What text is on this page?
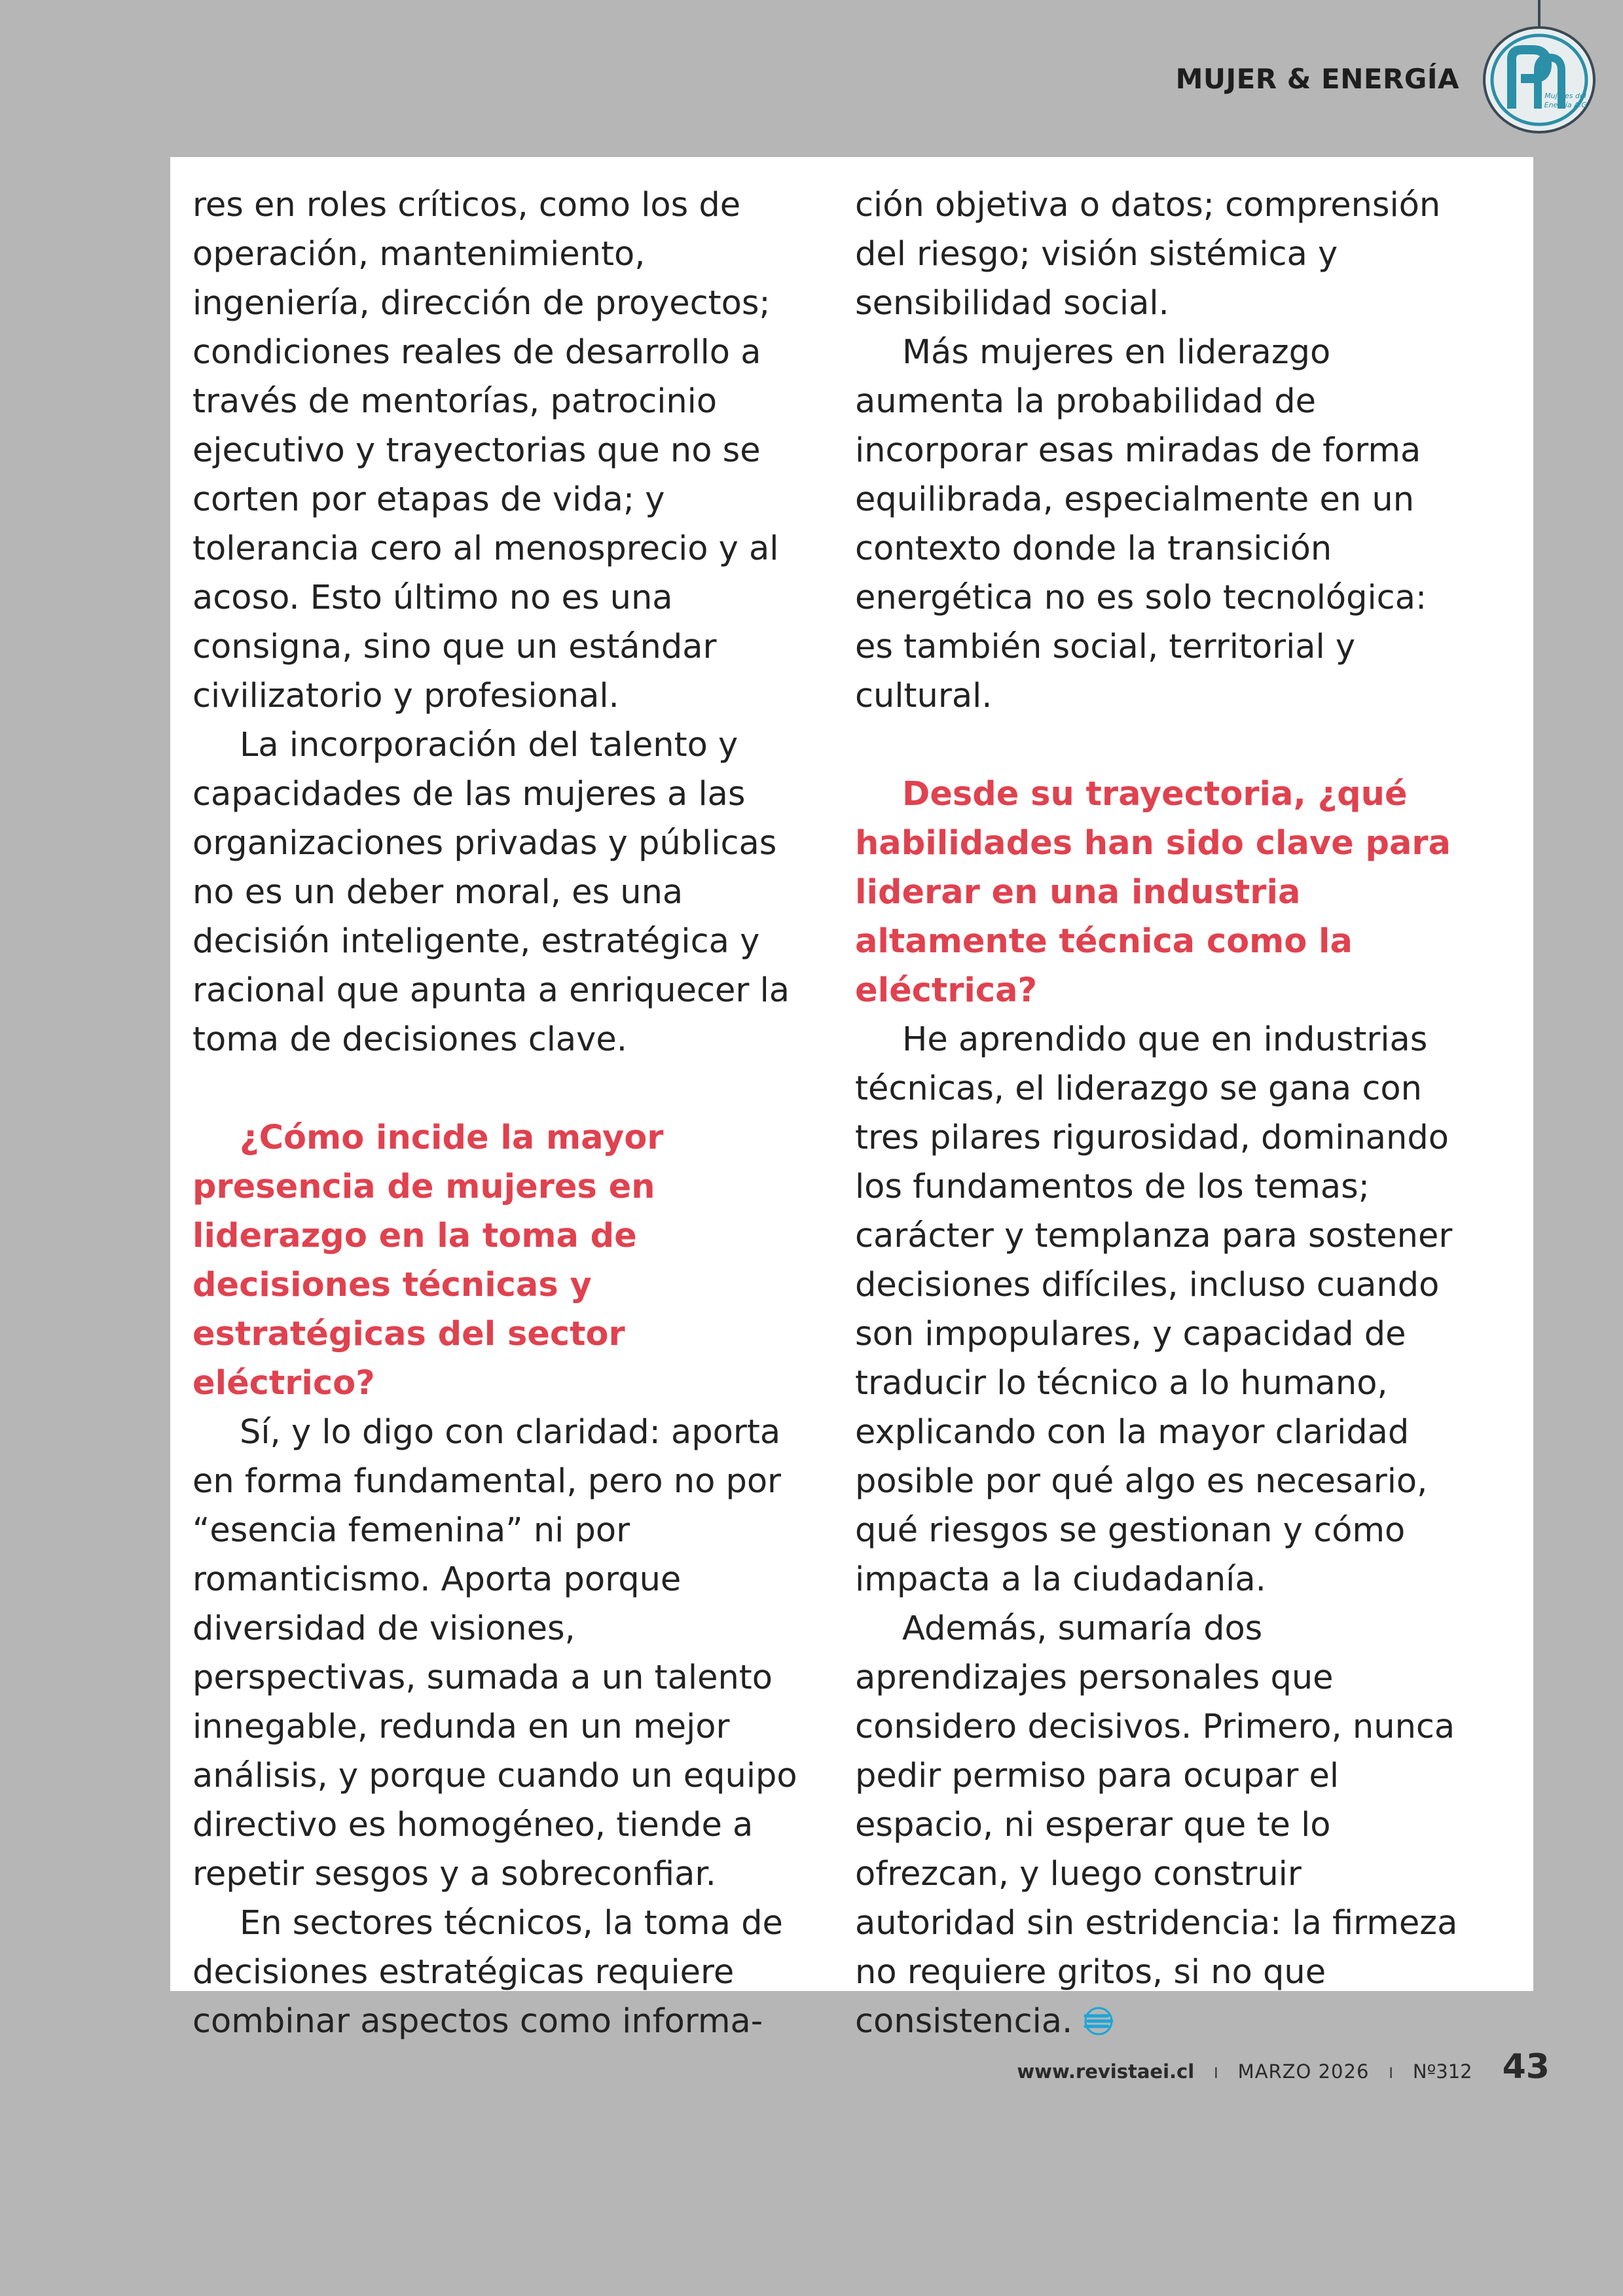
MUJER & ENERGÍA
Mujeres del
Energía A.G.

res en roles críticos, como los de operación, mantenimiento, ingeniería, dirección de proyectos; condiciones reales de desarrollo a través de mentorías, patrocinio ejecutivo y trayectorias que no se corten por etapas de vida; y tolerancia cero al menosprecio y al acoso. Esto último no es una consigna, sino que un estándar civilizatorio y profesional.

La incorporación del talento y capacidades de las mujeres a las organizaciones privadas y públicas no es un deber moral, es una decisión inteligente, estratégica y racional que apunta a enriquecer la toma de decisiones clave.

¿Cómo incide la mayor presencia de mujeres en liderazgo en la toma de decisiones técnicas y estratégicas del sector eléctrico?

Sí, y lo digo con claridad: aporta en forma fundamental, pero no por “esencia femenina” ni por romanticismo. Aporta porque diversidad de visiones, perspectivas, sumada a un talento innegable, redunda en un mejor análisis, y porque cuando un equipo directivo es homogéneo, tiende a repetir sesgos y a sobreconfiar.

En sectores técnicos, la toma de decisiones estratégicas requiere combinar aspectos como informa-

ción objetiva o datos; comprensión del riesgo; visión sistémica y sensibilidad social.

Más mujeres en liderazgo aumenta la probabilidad de incorporar esas miradas de forma equilibrada, especialmente en un contexto donde la transición energética no es solo tecnológica: es también social, territorial y cultural.

Desde su trayectoria, ¿qué habilidades han sido clave para liderar en una industria altamente técnica como la eléctrica?

He aprendido que en industrias técnicas, el liderazgo se gana con tres pilares rigurosidad, dominando los fundamentos de los temas; carácter y templanza para sostener decisiones difíciles, incluso cuando son impopulares, y capacidad de traducir lo técnico a lo humano, explicando con la mayor claridad posible por qué algo es necesario, qué riesgos se gestionan y cómo impacta a la ciudadanía.

Además, sumaría dos aprendizajes personales que considero decisivos. Primero, nunca pedir permiso para ocupar el espacio, ni esperar que te lo ofrezcan, y luego construir autoridad sin estridencia: la firmeza no requiere gritos, si no que consistencia.

www.revistaei.cl I MARZO 2026 I Nº312 43
